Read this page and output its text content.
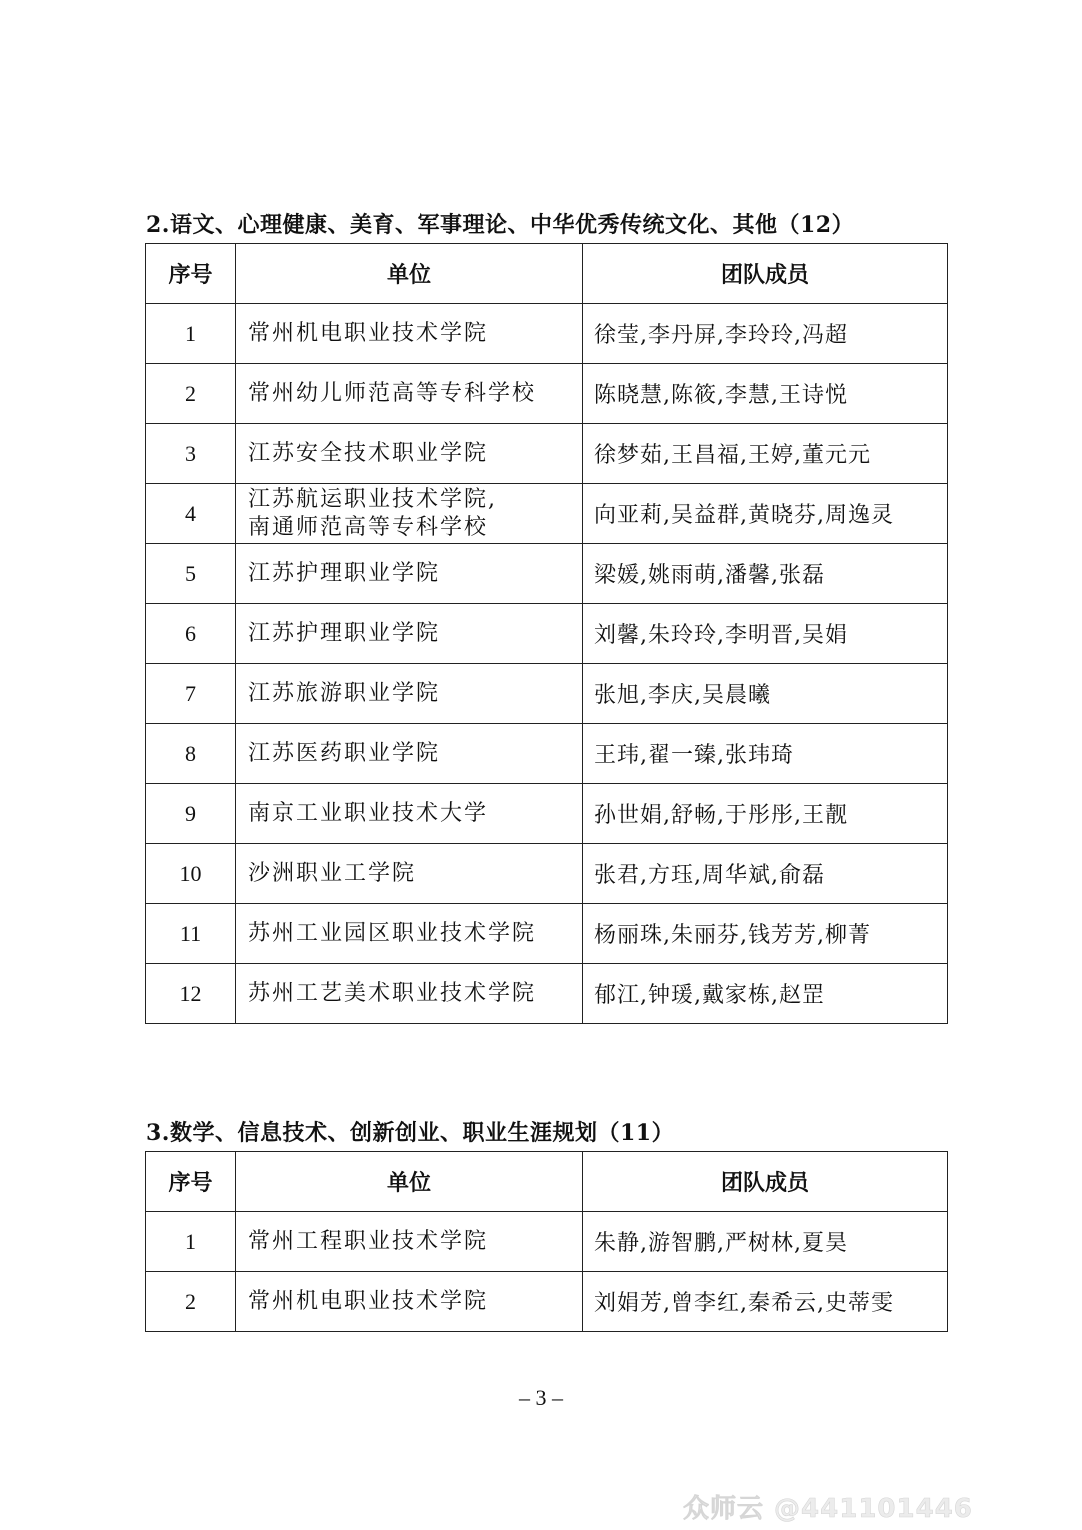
2.语文、心理健康、美育、军事理论、中华优秀传统文化、其他（12）
序号	单位	团队成员
1	常州机电职业技术学院	徐莹,李丹屏,李玲玲,冯超
2	常州幼儿师范高等专科学校	陈晓慧,陈筱,李慧,王诗悦
3	江苏安全技术职业学院	徐梦茹,王昌福,王婷,董元元
4	江苏航运职业技术学院,
南通师范高等专科学校	向亚莉,吴益群,黄晓芬,周逸灵
5	江苏护理职业学院	梁媛,姚雨萌,潘馨,张磊
6	江苏护理职业学院	刘馨,朱玲玲,李明晋,吴娟
7	江苏旅游职业学院	张旭,李庆,吴晨曦
8	江苏医药职业学院	王玮,翟一臻,张玮琦
9	南京工业职业技术大学	孙世娟,舒畅,于彤彤,王靓
10	沙洲职业工学院	张君,方珏,周华斌,俞磊
11	苏州工业园区职业技术学院	杨丽珠,朱丽芬,钱芳芳,柳菁
12	苏州工艺美术职业技术学院	郁江,钟瑗,戴家栋,赵罡
3.数学、信息技术、创新创业、职业生涯规划（11）
序号	单位	团队成员
1	常州工程职业技术学院	朱静,游智鹏,严树林,夏昊
2	常州机电职业技术学院	刘娟芳,曾李红,秦希云,史蒂雯
– 3 –
众师云 @441101446
